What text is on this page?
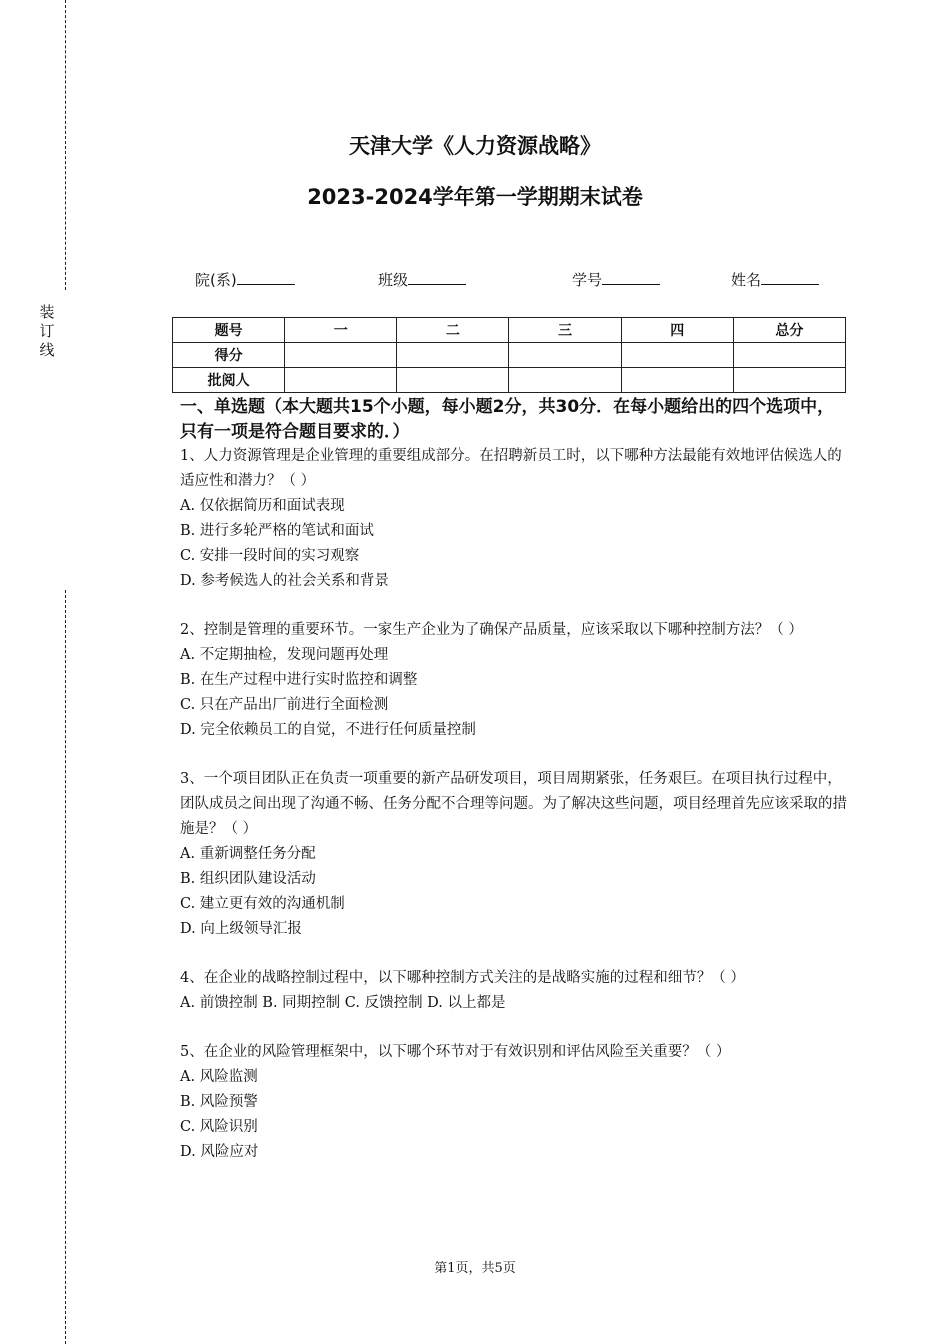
装
订
线
天津大学《人力资源战略》
2023-2024学年第一学期期末试卷
院(系)	班级	学号	姓名
题号	一	二	三	四	总分
得分					
批阅人					
一、单选题（本大题共15个小题，每小题2分，共30分．在每小题给出的四个选项中，只有一项是符合题目要求的．）

1、人力资源管理是企业管理的重要组成部分。在招聘新员工时，以下哪种方法最能有效地评估候选人的适应性和潜力？（ ）

A. 仅依据简历和面试表现

B. 进行多轮严格的笔试和面试

C. 安排一段时间的实习观察

D. 参考候选人的社会关系和背景

2、控制是管理的重要环节。一家生产企业为了确保产品质量，应该采取以下哪种控制方法？（ ）

A. 不定期抽检，发现问题再处理

B. 在生产过程中进行实时监控和调整

C. 只在产品出厂前进行全面检测

D. 完全依赖员工的自觉，不进行任何质量控制

3、一个项目团队正在负责一项重要的新产品研发项目，项目周期紧张，任务艰巨。在项目执行过程中，团队成员之间出现了沟通不畅、任务分配不合理等问题。为了解决这些问题，项目经理首先应该采取的措施是？（ ）

A. 重新调整任务分配

B. 组织团队建设活动

C. 建立更有效的沟通机制

D. 向上级领导汇报

4、在企业的战略控制过程中，以下哪种控制方式关注的是战略实施的过程和细节？（ ）

A. 前馈控制 B. 同期控制 C. 反馈控制 D. 以上都是

5、在企业的风险管理框架中，以下哪个环节对于有效识别和评估风险至关重要？（ ）

A. 风险监测

B. 风险预警

C. 风险识别

D. 风险应对

第1页，共5页
